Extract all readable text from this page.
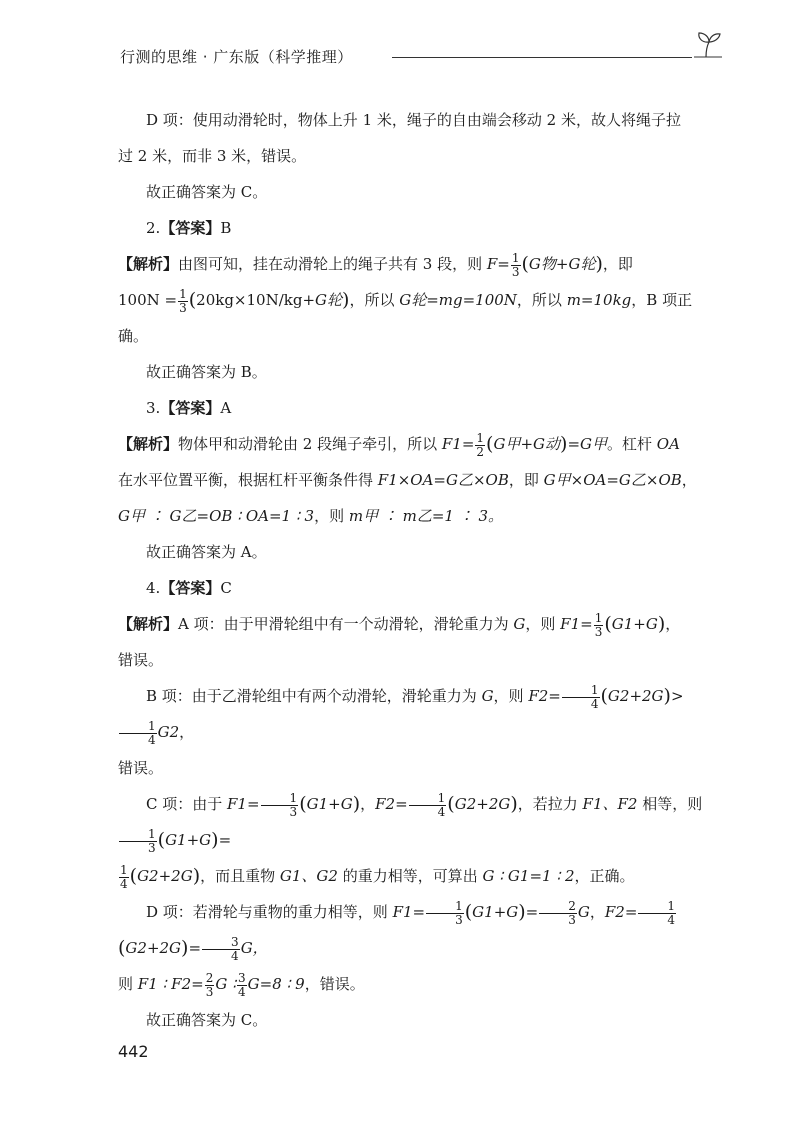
行测的思维 · 广东版（科学推理）

D 项：使用动滑轮时，物体上升 1 米，绳子的自由端会移动 2 米，故人将绳子拉

过 2 米，而非 3 米，错误。

故正确答案为 C。

2.【答案】B

【解析】由图可知，挂在动滑轮上的绳子共有 3 段，则 $F= \frac{1}{3} (G$物+G轮)，即

$100N = \frac{1}{3} (20kg\times 10N/kg+G$轮)，所以 G轮=mg=100N，所以 m=10kg，B 项正确。

故正确答案为 B。

3.【答案】A

【解析】物体甲和动滑轮由 2 段绳子牵引，所以 $F1= \frac{1}{2} (G$甲+G动)=G甲。杠杆 OA

在水平位置平衡，根据杠杆平衡条件得 F1×OA=G乙×OB，即 G甲×OA=G乙×OB，

G甲 ∶ G乙=OB ∶ OA=1 ∶ 3，则 m甲 ∶ m乙=1 ∶ 3。

故正确答案为 A。

4.【答案】C

【解析】A 项：由于甲滑轮组中有一个动滑轮，滑轮重力为 G，则 $F1= \frac{1}{3} (G1+G)$，

错误。

B 项：由于乙滑轮组中有两个动滑轮，滑轮重力为 G，则 $F2= \frac{1}{4} (G2+2G)>$
$\frac{1}{4} G2$，

错误。

C 项：由于 $F1= \frac{1}{3} (G1+G)$，$F2= \frac{1}{4} (G2+2G)$，若拉力 F1、F2 相等，则
$\frac{1}{3} (G1+G)=$

$\frac{1}{4} (G2+2G)$，而且重物 G1、G2 的重力相等，可算出 G ∶ G1=1 ∶ 2，正确。

D 项：若滑轮与重物的重力相等，则 $F1= \frac{1}{3} (G1+G)= \frac{2}{3}$ G，$F2= \frac{1}{4}$
$(G2+2G)= \frac{3}{4}$ G，

则 F1 ∶ $F2= \frac{2}{3}$ G ∶ $\frac{3}{4} G=8$ ∶ 9，错误。

故正确答案为 C。

442
